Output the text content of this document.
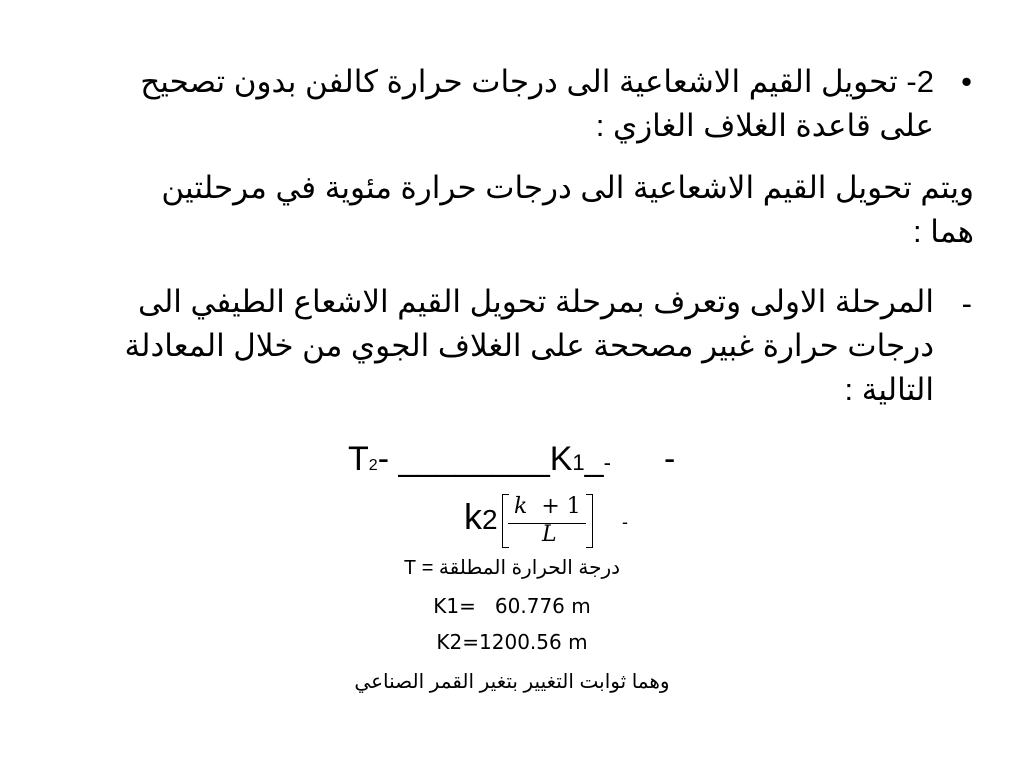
•
2- تحويل القيم الاشعاعية الى درجات حرارة كالفن بدون تصحيح على قاعدة الغلاف الغازي :
ويتم تحويل القيم الاشعاعية الى درجات حرارة مئوية في مرحلتين هما :
-
المرحلة الاولى وتعرف بمرحلة تحويل القيم الاشعاع الطيفي الى درجات حرارة غبير مصححة على الغلاف الجوي من خلال المعادلة التالية :
T2- ________K1_‑ -
k2 k + 1
L	-
درجة الحرارة المطلقة = T
K1=   60.776 m
K2=1200.56 m
وهما ثوابت التغيير بتغير القمر الصناعي
